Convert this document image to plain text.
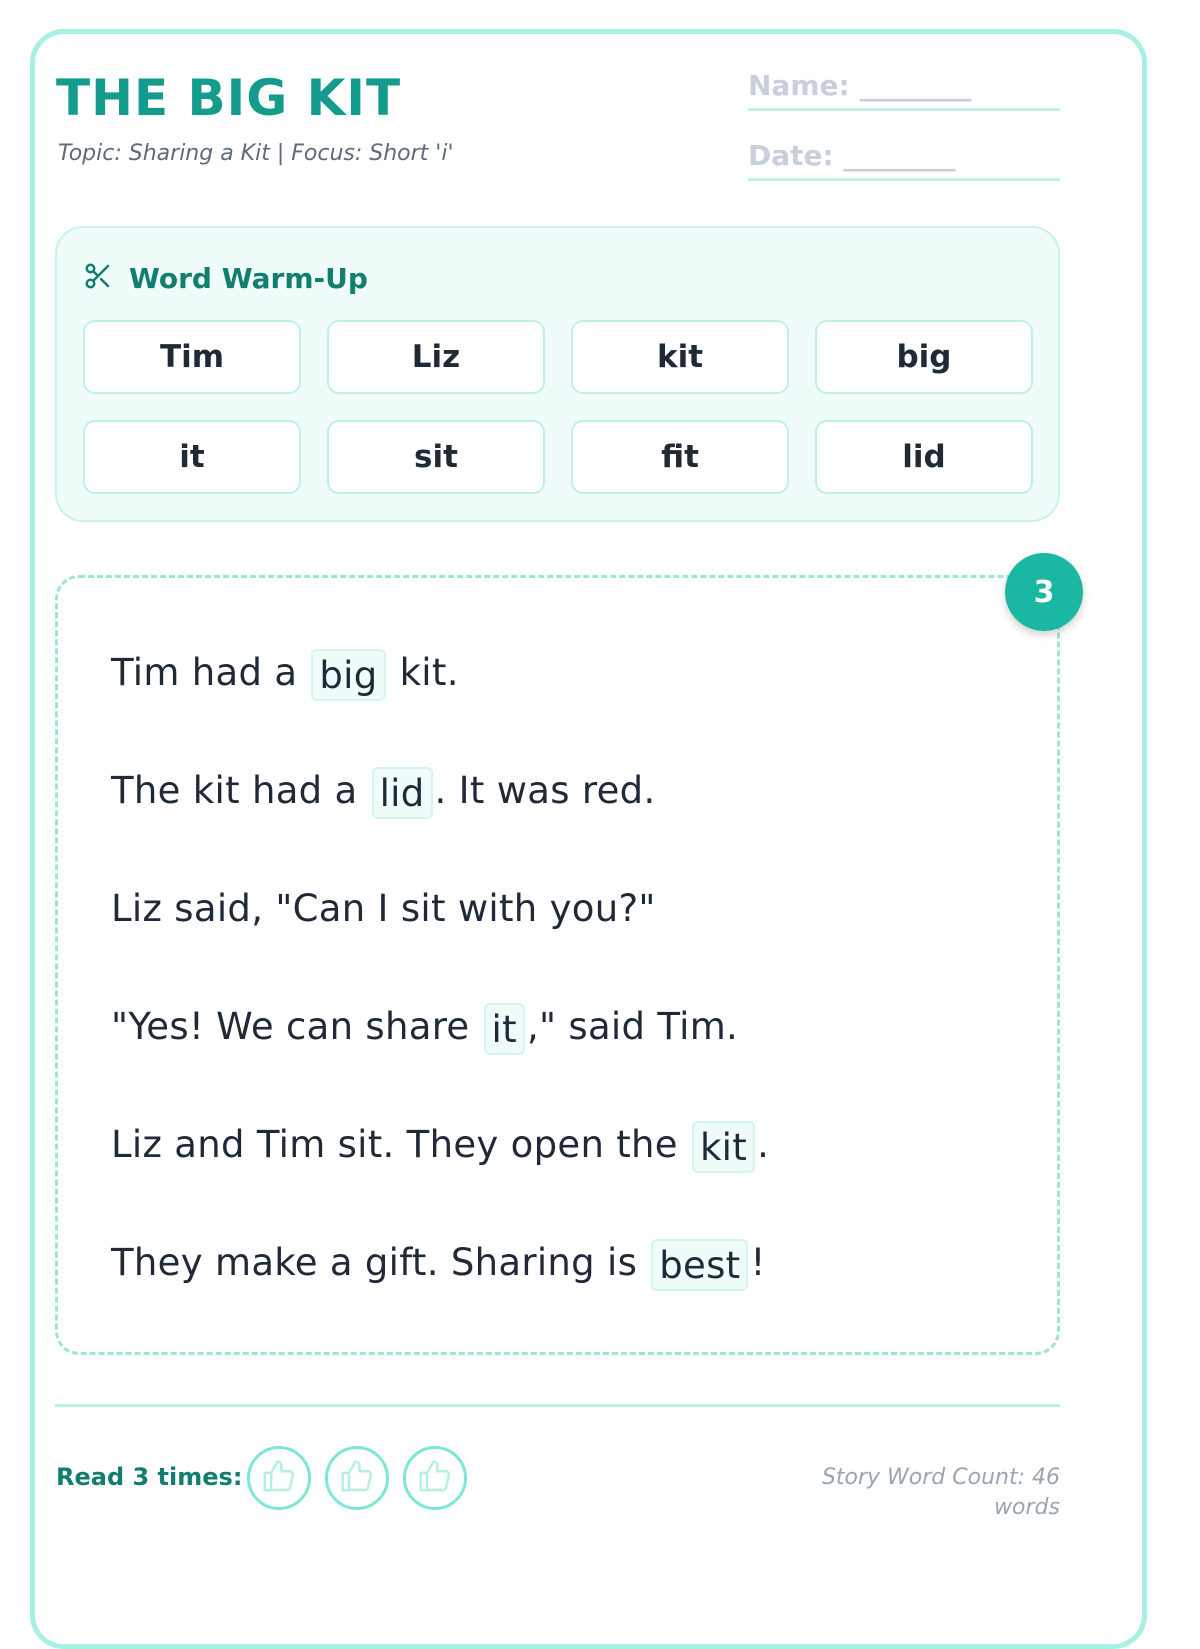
THE BIG KIT
Topic: Sharing a Kit | Focus: Short 'i'
Name: ________
Date: ________
Word Warm-Up
Tim	Liz	kit	big
it	sit	fit	lid
Tim had a big kit.
The kit had a lid . It was red.
Liz said, "Can I sit with you?"
"Yes! We can share it ," said Tim.
Liz and Tim sit. They open the kit .
They make a gift. Sharing is best !
3
Read 3 times:	Story Word Count: 46 words
